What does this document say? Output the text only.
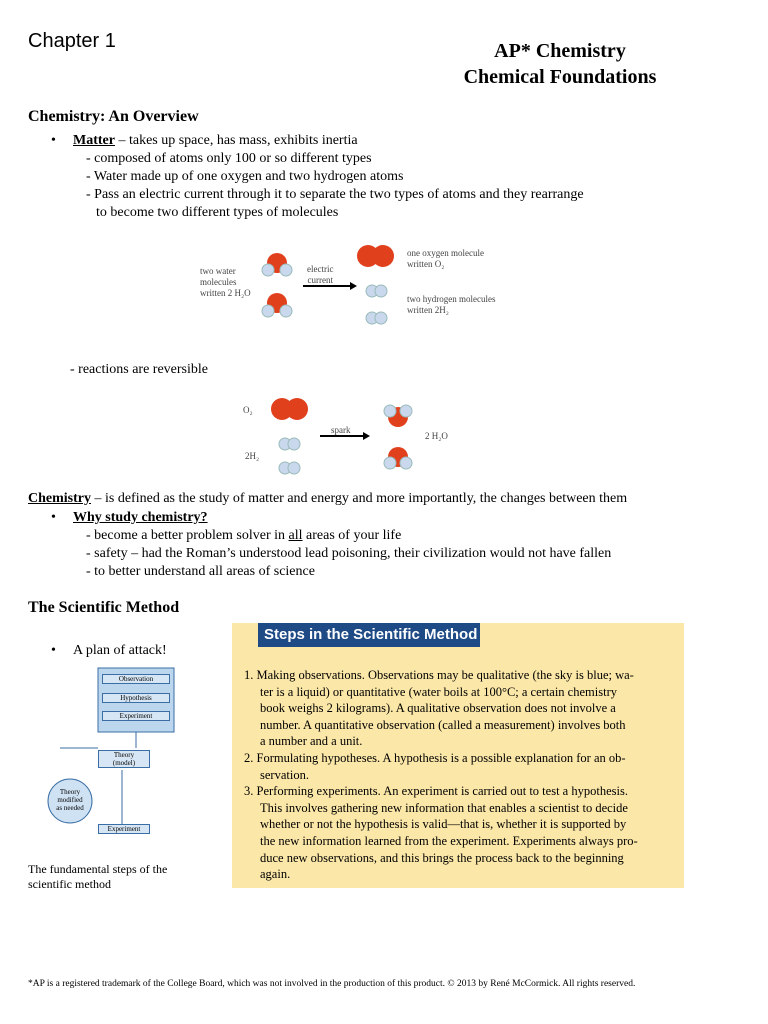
Chapter 1	AP* Chemistry
Chemical Foundations
Chemistry: An Overview
Matter – takes up space, has mass, exhibits inertia
- composed of atoms only 100 or so different types
- Water made up of one oxygen and two hydrogen atoms
- Pass an electric current through it to separate the two types of atoms and they rearrange
to become two different types of molecules
two water
molecules
written 2 H₂O
electric
current
one oxygen molecule
written O₂
two hydrogen molecules
written 2H₂
- reactions are reversible
O₂
2H₂
spark
2 H₂O
Chemistry – is defined as the study of matter and energy and more importantly, the changes between them
Why study chemistry?
- become a better problem solver in all areas of your life
- safety – had the Roman’s understood lead poisoning, their civilization would not have fallen
- to better understand all areas of science
The Scientific Method
A plan of attack!
Observation
Hypothesis
Experiment
Theory
(model)
Theory
modified
as needed
Experiment
The fundamental steps of the
scientific method
Steps in the Scientific Method
1. Making observations. Observations may be qualitative (the sky is blue; wa-
ter is a liquid) or quantitative (water boils at 100°C; a certain chemistry
book weighs 2 kilograms). A qualitative observation does not involve a
number. A quantitative observation (called a measurement) involves both
a number and a unit.
2. Formulating hypotheses. A hypothesis is a possible explanation for an ob-
servation.
3. Performing experiments. An experiment is carried out to test a hypothesis.
This involves gathering new information that enables a scientist to decide
whether or not the hypothesis is valid—that is, whether it is supported by
the new information learned from the experiment. Experiments always pro-
duce new observations, and this brings the process back to the beginning
again.
*AP is a registered trademark of the College Board, which was not involved in the production of this product. © 2013 by René McCormick. All rights reserved.
